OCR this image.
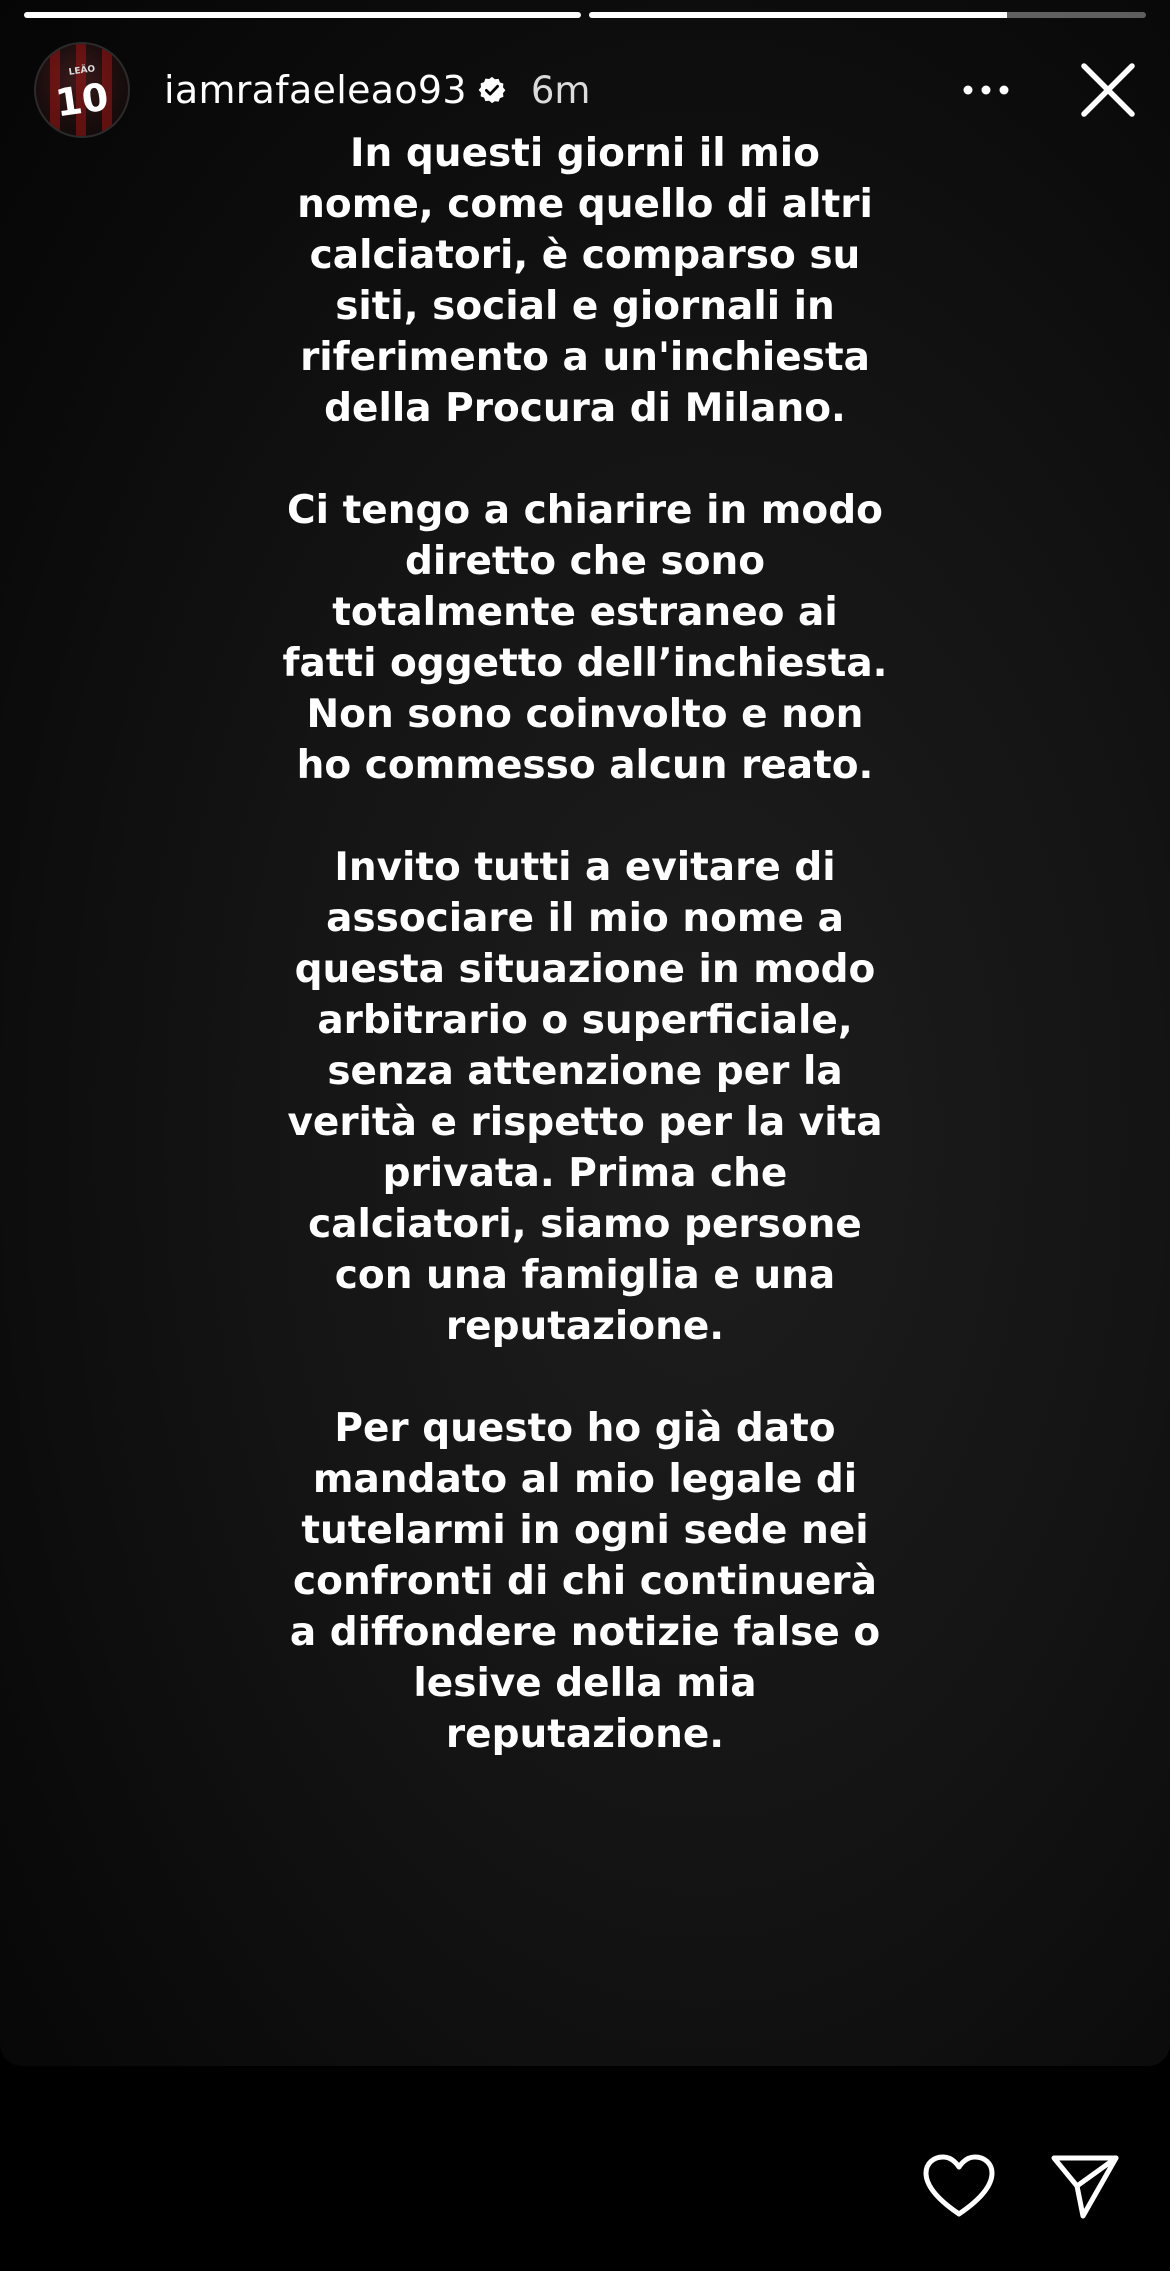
LEÃO
10	iamrafaeleao93 6m

In questi giorni il mio nome, come quello di altri calciatori, è comparso su siti, social e giornali in riferimento a un'inchiesta della Procura di Milano.

Ci tengo a chiarire in modo diretto che sono totalmente estraneo ai fatti oggetto dell’inchiesta. Non sono coinvolto e non ho commesso alcun reato.

Invito tutti a evitare di associare il mio nome a questa situazione in modo arbitrario o superficiale, senza attenzione per la verità e rispetto per la vita privata. Prima che calciatori, siamo persone con una famiglia e una reputazione.

Per questo ho già dato mandato al mio legale di tutelarmi in ogni sede nei confronti di chi continuerà a diffondere notizie false o lesive della mia reputazione.
